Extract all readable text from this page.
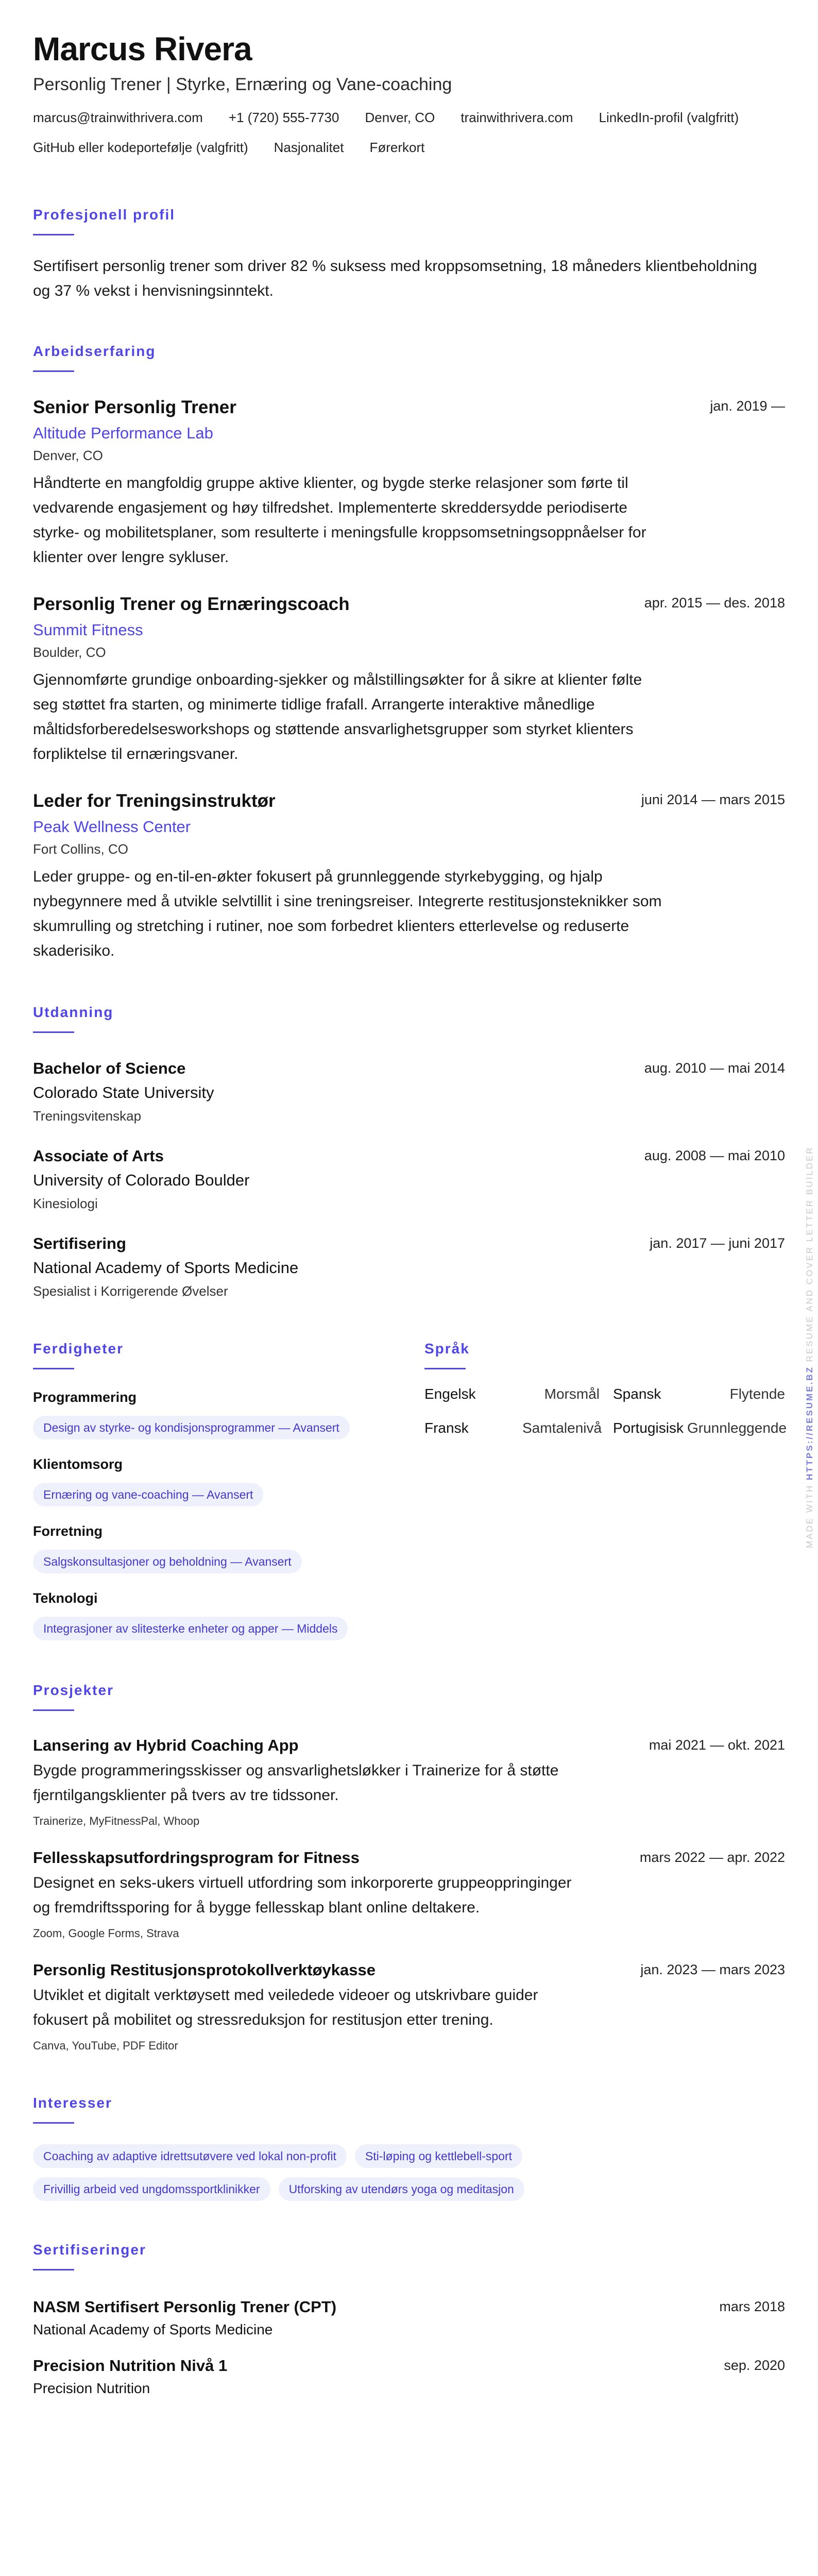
Marcus Rivera
Personlig Trener | Styrke, Ernæring og Vane-coaching
marcus@trainwithrivera.com +1 (720) 555-7730 Denver, CO trainwithrivera.com LinkedIn-profil (valgfritt)
GitHub eller kodeportefølje (valgfritt) Nasjonalitet Førerkort
Profesjonell profil
Sertifisert personlig trener som driver 82 % suksess med kroppsomsetning, 18 måneders klientbeholdning og 37 % vekst i henvisningsinntekt.
Arbeidserfaring
Senior Personlig Trener	jan. 2019 —
Altitude Performance Lab
Denver, CO
Håndterte en mangfoldig gruppe aktive klienter, og bygde sterke relasjoner som førte til vedvarende engasjement og høy tilfredshet. Implementerte skreddersydde periodiserte styrke- og mobilitetsplaner, som resulterte i meningsfulle kroppsomsetningsoppnåelser for klienter over lengre sykluser.
Personlig Trener og Ernæringscoach	apr. 2015 — des. 2018
Summit Fitness
Boulder, CO
Gjennomførte grundige onboarding-sjekker og målstillingsøkter for å sikre at klienter følte seg støttet fra starten, og minimerte tidlige frafall. Arrangerte interaktive månedlige måltidsforberedelsesworkshops og støttende ansvarlighetsgrupper som styrket klienters forpliktelse til ernæringsvaner.
Leder for Treningsinstruktør	juni 2014 — mars 2015
Peak Wellness Center
Fort Collins, CO
Leder gruppe- og en-til-en-økter fokusert på grunnleggende styrkebygging, og hjalp nybegynnere med å utvikle selvtillit i sine treningsreiser. Integrerte restitusjonsteknikker som skumrulling og stretching i rutiner, noe som forbedret klienters etterlevelse og reduserte skaderisiko.
Utdanning
Bachelor of Science	aug. 2010 — mai 2014
Colorado State University
Treningsvitenskap
Associate of Arts	aug. 2008 — mai 2010
University of Colorado Boulder
Kinesiologi
Sertifisering	jan. 2017 — juni 2017
National Academy of Sports Medicine
Spesialist i Korrigerende Øvelser
Ferdigheter
Programmering
Design av styrke- og kondisjonsprogrammer — Avansert
Klientomsorg
Ernæring og vane-coaching — Avansert
Forretning
Salgskonsultasjoner og beholdning — Avansert
Teknologi
Integrasjoner av slitesterke enheter og apper — Middels
Språk
Engelsk	Morsmål Spansk	Flytende
Fransk	Samtalenivå Portugisisk Grunnleggende
Prosjekter
Lansering av Hybrid Coaching App	mai 2021 — okt. 2021
Bygde programmeringsskisser og ansvarlighetsløkker i Trainerize for å støtte fjerntilgangsklienter på tvers av tre tidssoner.
Trainerize, MyFitnessPal, Whoop
Fellesskapsutfordringsprogram for Fitness	mars 2022 — apr. 2022
Designet en seks-ukers virtuell utfordring som inkorporerte gruppeoppringinger og fremdriftssporing for å bygge fellesskap blant online deltakere.
Zoom, Google Forms, Strava
Personlig Restitusjonsprotokollverktøykasse	jan. 2023 — mars 2023
Utviklet et digitalt verktøysett med veiledede videoer og utskrivbare guider fokusert på mobilitet og stressreduksjon for restitusjon etter trening.
Canva, YouTube, PDF Editor
Interesser
Coaching av adaptive idrettsutøvere ved lokal non-profit Sti-løping og kettlebell-sportFrivillig arbeid ved ungdomssportklinikker Utforsking av utendørs yoga og meditasjon
Sertifiseringer
NASM Sertifisert Personlig Trener (CPT)	mars 2018
National Academy of Sports Medicine
Precision Nutrition Nivå 1	sep. 2020
Precision Nutrition
MADE WITH HTTPS://RESUME.BZ RESUME AND COVER LETTER BUILDER
